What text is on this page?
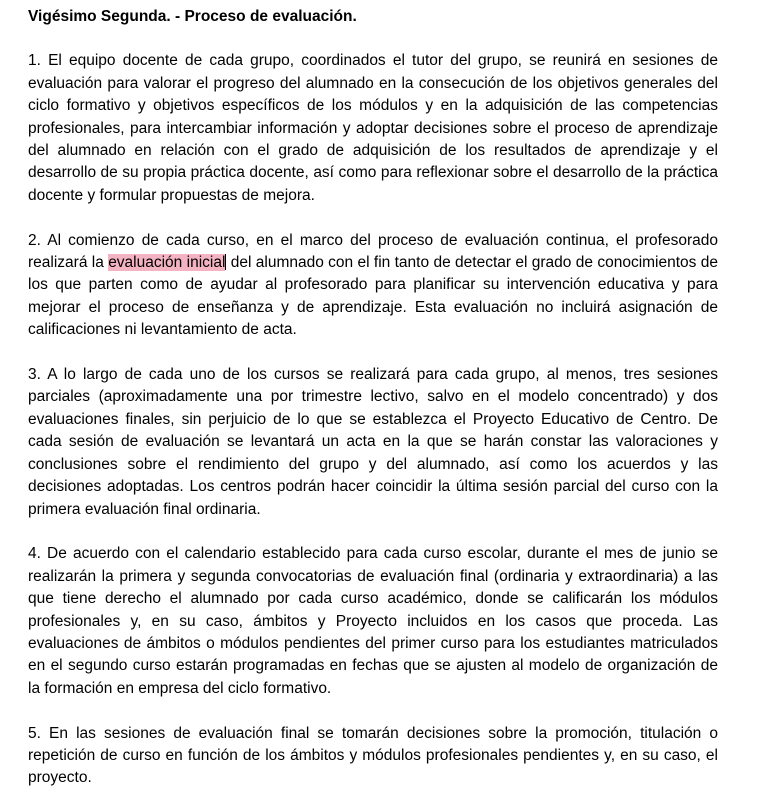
Vigésimo Segunda. - Proceso de evaluación.

1. El equipo docente de cada grupo, coordinados el tutor del grupo, se reunirá en sesiones de evaluación para valorar el progreso del alumnado en la consecución de los objetivos generales del ciclo formativo y objetivos específicos de los módulos y en la adquisición de las competencias profesionales, para intercambiar información y adoptar decisiones sobre el proceso de aprendizaje del alumnado en relación con el grado de adquisición de los resultados de aprendizaje y el desarrollo de su propia práctica docente, así como para reflexionar sobre el desarrollo de la práctica docente y formular propuestas de mejora.

2. Al comienzo de cada curso, en el marco del proceso de evaluación continua, el profesorado realizará la evaluación inicial del alumnado con el fin tanto de detectar el grado de conocimientos de los que parten como de ayudar al profesorado para planificar su intervención educativa y para mejorar el proceso de enseñanza y de aprendizaje. Esta evaluación no incluirá asignación de calificaciones ni levantamiento de acta.

3. A lo largo de cada uno de los cursos se realizará para cada grupo, al menos, tres sesiones parciales (aproximadamente una por trimestre lectivo, salvo en el modelo concentrado) y dos evaluaciones finales, sin perjuicio de lo que se establezca el Proyecto Educativo de Centro. De cada sesión de evaluación se levantará un acta en la que se harán constar las valoraciones y conclusiones sobre el rendimiento del grupo y del alumnado, así como los acuerdos y las decisiones adoptadas. Los centros podrán hacer coincidir la última sesión parcial del curso con la primera evaluación final ordinaria.

4. De acuerdo con el calendario establecido para cada curso escolar, durante el mes de junio se realizarán la primera y segunda convocatorias de evaluación final (ordinaria y extraordinaria) a las que tiene derecho el alumnado por cada curso académico, donde se calificarán los módulos profesionales y, en su caso, ámbitos y Proyecto incluidos en los casos que proceda. Las evaluaciones de ámbitos o módulos pendientes del primer curso para los estudiantes matriculados en el segundo curso estarán programadas en fechas que se ajusten al modelo de organización de la formación en empresa del ciclo formativo.

5. En las sesiones de evaluación final se tomarán decisiones sobre la promoción, titulación o repetición de curso en función de los ámbitos y módulos profesionales pendientes y, en su caso, el proyecto.
